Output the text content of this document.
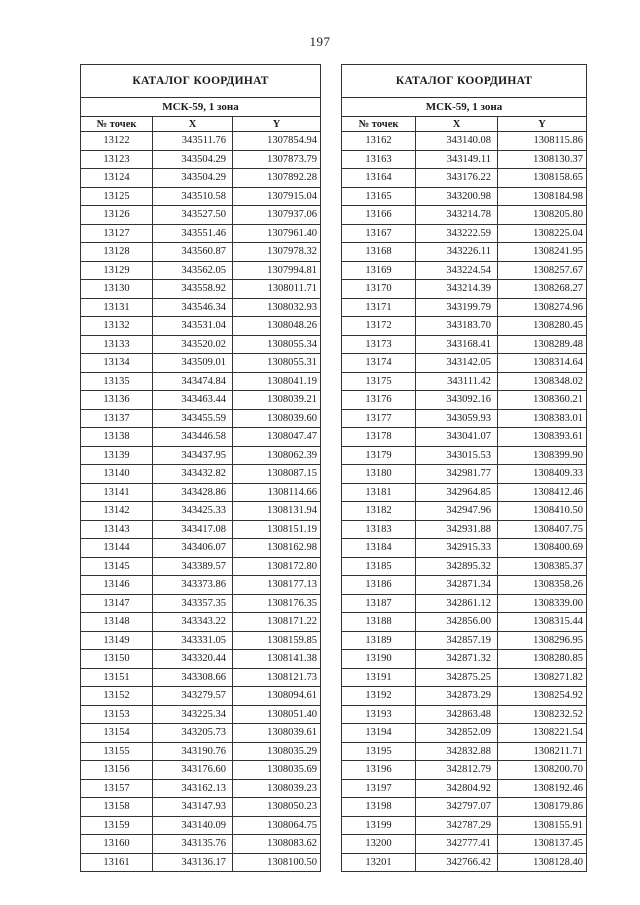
197
КАТАЛОГ КООРДИНАТ		
МСК-59, 1 зона		
№ точек	X	Y
13122	343511.76	1307854.94
13123	343504.29	1307873.79
13124	343504.29	1307892.28
13125	343510.58	1307915.04
13126	343527.50	1307937.06
13127	343551.46	1307961.40
13128	343560.87	1307978.32
13129	343562.05	1307994.81
13130	343558.92	1308011.71
13131	343546.34	1308032.93
13132	343531.04	1308048.26
13133	343520.02	1308055.34
13134	343509.01	1308055.31
13135	343474.84	1308041.19
13136	343463.44	1308039.21
13137	343455.59	1308039.60
13138	343446.58	1308047.47
13139	343437.95	1308062.39
13140	343432.82	1308087.15
13141	343428.86	1308114.66
13142	343425.33	1308131.94
13143	343417.08	1308151.19
13144	343406.07	1308162.98
13145	343389.57	1308172.80
13146	343373.86	1308177.13
13147	343357.35	1308176.35
13148	343343.22	1308171.22
13149	343331.05	1308159.85
13150	343320.44	1308141.38
13151	343308.66	1308121.73
13152	343279.57	1308094.61
13153	343225.34	1308051.40
13154	343205.73	1308039.61
13155	343190.76	1308035.29
13156	343176.60	1308035.69
13157	343162.13	1308039.23
13158	343147.93	1308050.23
13159	343140.09	1308064.75
13160	343135.76	1308083.62
13161	343136.17	1308100.50
КАТАЛОГ КООРДИНАТ		
МСК-59, 1 зона		
№ точек	X	Y
13162	343140.08	1308115.86
13163	343149.11	1308130.37
13164	343176.22	1308158.65
13165	343200.98	1308184.98
13166	343214.78	1308205.80
13167	343222.59	1308225.04
13168	343226.11	1308241.95
13169	343224.54	1308257.67
13170	343214.39	1308268.27
13171	343199.79	1308274.96
13172	343183.70	1308280.45
13173	343168.41	1308289.48
13174	343142.05	1308314.64
13175	343111.42	1308348.02
13176	343092.16	1308360.21
13177	343059.93	1308383.01
13178	343041.07	1308393.61
13179	343015.53	1308399.90
13180	342981.77	1308409.33
13181	342964.85	1308412.46
13182	342947.96	1308410.50
13183	342931.88	1308407.75
13184	342915.33	1308400.69
13185	342895.32	1308385.37
13186	342871.34	1308358.26
13187	342861.12	1308339.00
13188	342856.00	1308315.44
13189	342857.19	1308296.95
13190	342871.32	1308280.85
13191	342875.25	1308271.82
13192	342873.29	1308254.92
13193	342863.48	1308232.52
13194	342852.09	1308221.54
13195	342832.88	1308211.71
13196	342812.79	1308200.70
13197	342804.92	1308192.46
13198	342797.07	1308179.86
13199	342787.29	1308155.91
13200	342777.41	1308137.45
13201	342766.42	1308128.40
